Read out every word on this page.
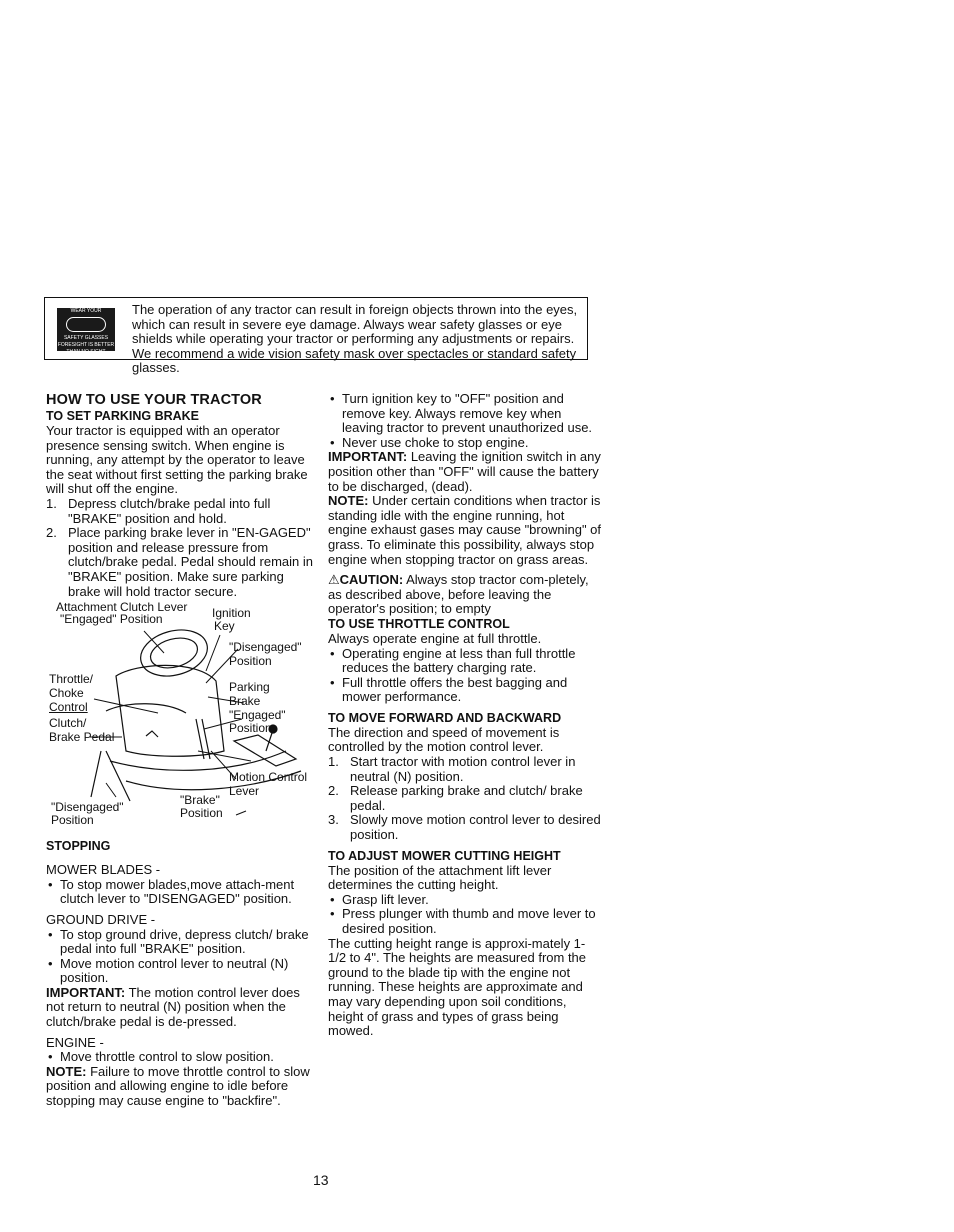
WEAR YOUR
SAFETY GLASSES
FORESIGHT IS BETTER
THAN NO SIGHT
The operation of any tractor can result in foreign objects thrown into the eyes, which can result in severe eye damage. Always wear safety glasses or eye shields while operating your tractor or performing any adjustments or repairs. We recommend a wide vision safety mask over spectacles or standard safety glasses.
HOW TO USE YOUR TRACTOR
TO SET PARKING BRAKE

Your tractor is equipped with an operator presence sensing switch. When engine is running, any attempt by the operator to leave the seat without first setting the parking brake will shut off the engine.

1. Depress clutch/brake pedal into full "BRAKE" position and hold.
2. Place parking brake lever in "EN-GAGED" position and release pressure from clutch/brake pedal. Pedal should remain in "BRAKE" position. Make sure parking brake will hold tractor secure.
Attachment Clutch Lever
"Engaged" Position	Ignition
Key
"Disengaged"
Position
Throttle/
Choke
Control
Parking
Brake
"Engaged"
Position
Clutch/
Brake Pedal
Motion Control
Lever
"Disengaged"
Position
"Brake"
Position
STOPPING

MOWER BLADES -

• To stop mower blades,move attach-ment clutch lever to "DISENGAGED" position.

GROUND DRIVE -

• To stop ground drive, depress clutch/ brake pedal into full "BRAKE" position.
• Move motion control lever to neutral (N) position.

IMPORTANT: The motion control lever does not return to neutral (N) position when the clutch/brake pedal is de-pressed.

ENGINE -

• Move throttle control to slow position.

NOTE: Failure to move throttle control to slow position and allowing engine to idle before stopping may cause engine to "backfire".

• Turn ignition key to "OFF" position and remove key. Always remove key when leaving tractor to prevent unauthorized use.
• Never use choke to stop engine.

IMPORTANT: Leaving the ignition switch in any position other than "OFF" will cause the battery to be discharged, (dead).

NOTE: Under certain conditions when tractor is standing idle with the engine running, hot engine exhaust gases may cause "browning" of grass. To eliminate this possibility, always stop engine when stopping tractor on grass areas.

⚠CAUTION: Always stop tractor com-pletely, as described above, before leaving the operator's position; to empty

TO USE THROTTLE CONTROL

Always operate engine at full throttle.

• Operating engine at less than full throttle reduces the battery charging rate.
• Full throttle offers the best bagging and mower performance.
TO MOVE FORWARD AND BACKWARD

The direction and speed of movement is controlled by the motion control lever.

1. Start tractor with motion control lever in neutral (N) position.
2. Release parking brake and clutch/ brake pedal.
3. Slowly move motion control lever to desired position.
TO ADJUST MOWER CUTTING HEIGHT

The position of the attachment lift lever determines the cutting height.

• Grasp lift lever.
• Press plunger with thumb and move lever to desired position.

The cutting height range is approxi-mately 1-1/2 to 4". The heights are measured from the ground to the blade tip with the engine not running. These heights are approximate and may vary depending upon soil conditions, height of grass and types of grass being mowed.

13
